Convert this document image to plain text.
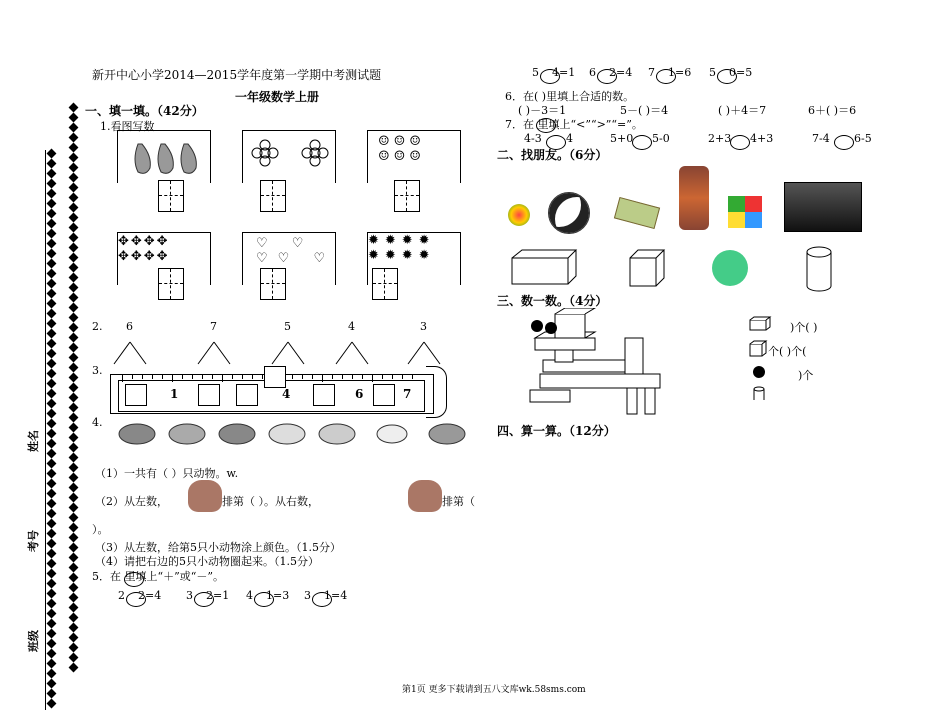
姓名
考号
班级
新开中心小学2014—2015学年度第一学期中考测试题
一年级数学上册
一、填一填。（42分）
1.看图写数
☺☺☺
☺☺☺
✥✥✥✥
✥✥✥✥
♡ ♡
♡♡ ♡
✹✹✹✹
✹✹✹✹
2. 6	7	5	4	3
3.
1	4	6	7
4.
（1）一共有（ ）只动物。w.
（2）从左数，	排第（ ）。从右数，	排第（
）。
（3）从左数，给第5只小动物涂上颜色。（1.5分）
（4）请把右边的5只小动物圈起来。（1.5分）
5．在 里填上“＋”或“－”。
2 2=4 3 2=1 4 1=3 3 1=4
5 4=1 6 2=4 7 1=6 5 0=5
6．在( )里填上合适的数。
( )－3＝1	5－( )＝4	( )＋4＝7	6＋( )＝6
7．在 里填上“<”“>”“=”。
4-3 4	5+0 5-0	2+3 4+3	7-4 6-5
二、找朋友。（6分）
三、数一数。（4分）
)个( )
个( )个(
)个
四、算一算。（12分）
第1页 更多下载请到五八文库wk.58sms.com
